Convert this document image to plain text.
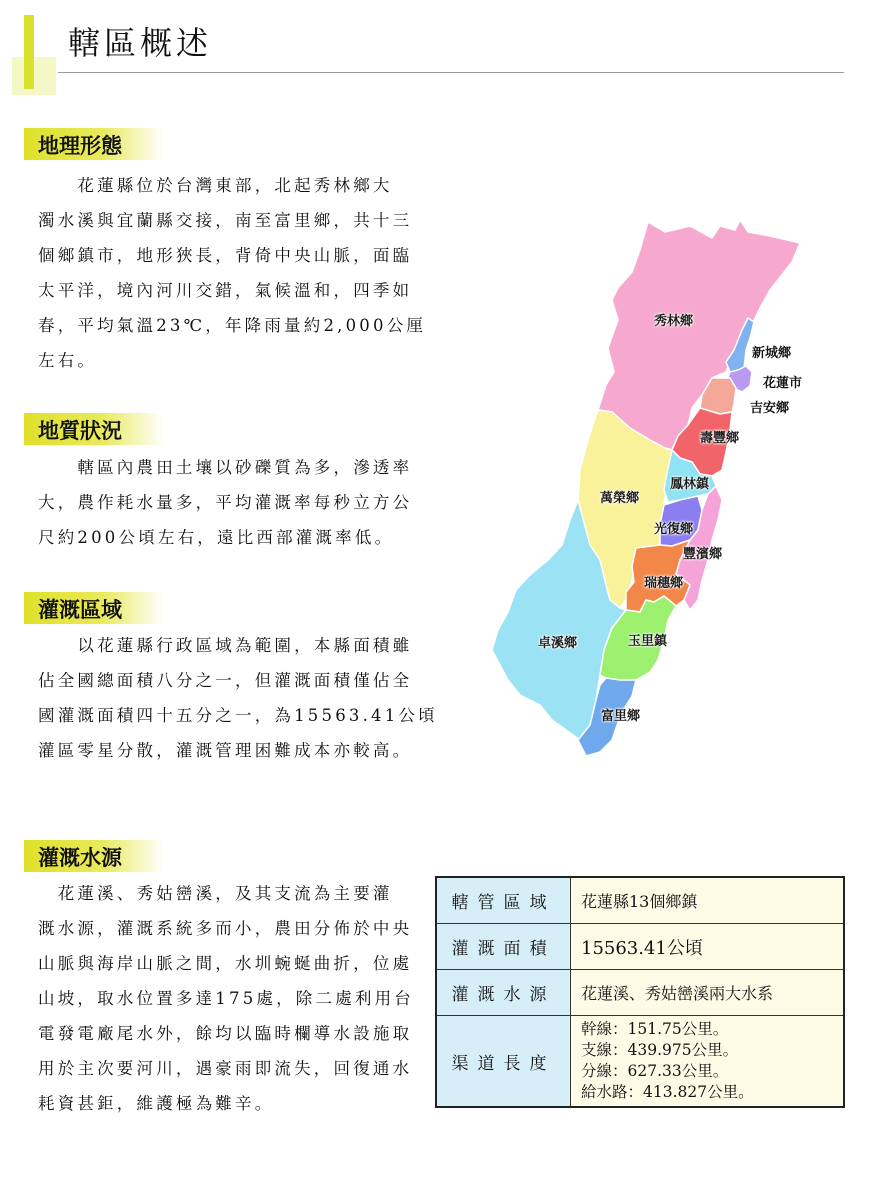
轄區概述
地理形態
　　花蓮縣位於台灣東部，北起秀林鄉大
濁水溪與宜蘭縣交接，南至富里鄉，共十三
個鄉鎮市，地形狹長，背倚中央山脈，面臨
太平洋，境內河川交錯，氣候溫和，四季如
春，平均氣溫23℃，年降雨量約2,000公厘
左右。
地質狀況
　　轄區內農田土壤以砂礫質為多，滲透率
大，農作耗水量多，平均灌溉率每秒立方公
尺約200公頃左右，遠比西部灌溉率低。
灌溉區域
　　以花蓮縣行政區域為範圍，本縣面積雖
佔全國總面積八分之一，但灌溉面積僅佔全
國灌溉面積四十五分之一，為15563.41公頃
灌區零星分散，灌溉管理困難成本亦較高。
灌溉水源
　花蓮溪、秀姑巒溪，及其支流為主要灌
溉水源，灌溉系統多而小，農田分佈於中央
山脈與海岸山脈之間，水圳蜿蜒曲折，位處
山坡，取水位置多達175處，除二處利用台
電發電廠尾水外，餘均以臨時欄導水設施取
用於主次要河川，遇豪雨即流失，回復通水
耗資甚鉅，維護極為難辛。
秀林鄉
新城鄉
花蓮市
吉安鄉
壽豐鄉
鳳林鎮
萬榮鄉
光復鄉
豐濱鄉
瑞穗鄉
卓溪鄉	玉里鎮
富里鄉
轄管區域	花蓮縣13個鄉鎮
灌溉面積	15563.41公頃
灌溉水源	花蓮溪、秀姑巒溪兩大水系
渠道長度	幹線：151.75公里。
支線：439.975公里。
分線：627.33公里。
給水路：413.827公里。
